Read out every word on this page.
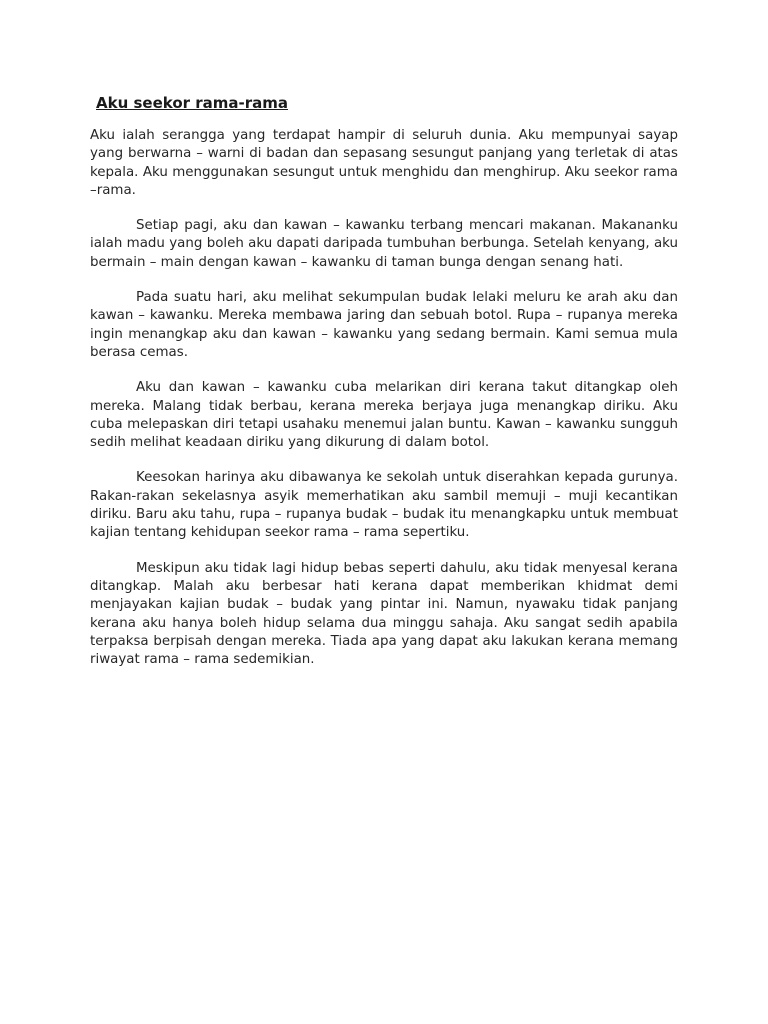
Aku seekor rama-rama

Aku ialah serangga yang terdapat hampir di seluruh dunia. Aku mempunyai sayap yang berwarna – warni di badan dan sepasang sesungut panjang yang terletak di atas kepala. Aku menggunakan sesungut untuk menghidu dan menghirup. Aku seekor rama –rama.

Setiap pagi, aku dan kawan – kawanku terbang mencari makanan. Makananku ialah madu yang boleh aku dapati daripada tumbuhan berbunga. Setelah kenyang, aku bermain – main dengan kawan – kawanku di taman bunga dengan senang hati.

Pada suatu hari, aku melihat sekumpulan budak lelaki meluru ke arah aku dan kawan – kawanku. Mereka membawa jaring dan sebuah botol. Rupa – rupanya mereka ingin menangkap aku dan kawan – kawanku yang sedang bermain. Kami semua mula berasa cemas.

Aku dan kawan – kawanku cuba melarikan diri kerana takut ditangkap oleh mereka. Malang tidak berbau, kerana mereka berjaya juga menangkap diriku. Aku cuba melepaskan diri tetapi usahaku menemui jalan buntu. Kawan – kawanku sungguh sedih melihat keadaan diriku yang dikurung di dalam botol.

Keesokan harinya aku dibawanya ke sekolah untuk diserahkan kepada gurunya. Rakan-rakan sekelasnya asyik memerhatikan aku sambil memuji – muji kecantikan diriku. Baru aku tahu, rupa – rupanya budak – budak itu menangkapku untuk membuat kajian tentang kehidupan seekor rama – rama sepertiku.

Meskipun aku tidak lagi hidup bebas seperti dahulu, aku tidak menyesal kerana ditangkap. Malah aku berbesar hati kerana dapat memberikan khidmat demi menjayakan kajian budak – budak yang pintar ini. Namun, nyawaku tidak panjang kerana aku hanya boleh hidup selama dua minggu sahaja. Aku sangat sedih apabila terpaksa berpisah dengan mereka. Tiada apa yang dapat aku lakukan kerana memang riwayat rama – rama sedemikian.
